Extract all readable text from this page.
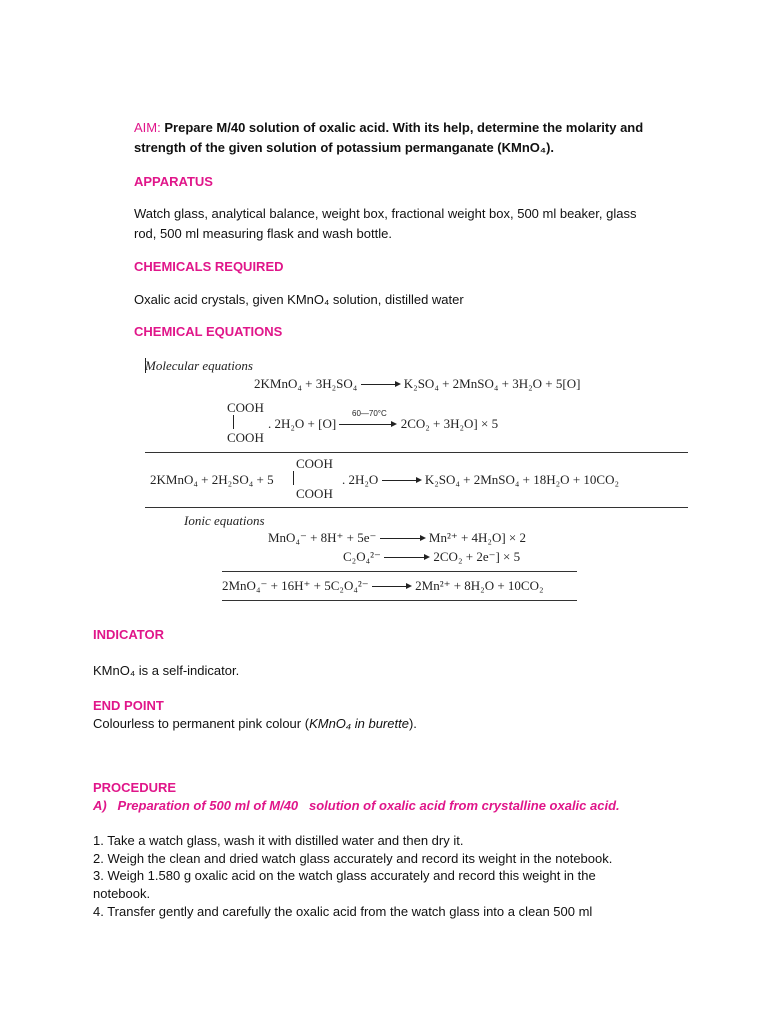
AIM: Prepare M/40 solution of oxalic acid. With its help, determine the molarity and
strength of the given solution of potassium permanganate (KMnO₄).
APPARATUS
Watch glass, analytical balance, weight box, fractional weight box, 500 ml beaker, glass
rod, 500 ml measuring flask and wash bottle.
CHEMICALS REQUIRED
Oxalic acid crystals, given KMnO₄ solution, distilled water
CHEMICAL EQUATIONS
Molecular equations
2KMnO₄ + 3H₂SO₄	K₂SO₄ + 2MnSO₄ + 3H₂O + 5[O]
COOH
COOH
60—70°C
. 2H₂O + [O]	2CO₂ + 3H₂O] × 5
COOH
COOH
2KMnO₄ + 2H₂SO₄ + 5	. 2H₂O	K₂SO₄ + 2MnSO₄ + 18H₂O + 10CO₂
Ionic equations
MnO₄⁻ + 8H⁺ + 5e⁻	Mn²⁺ + 4H₂O] × 2
C₂O₄²⁻	2CO₂ + 2e⁻] × 5
2MnO₄⁻ + 16H⁺ + 5C₂O₄²⁻	2Mn²⁺ + 8H₂O + 10CO₂
INDICATOR
KMnO₄ is a self-indicator.
END POINT
Colourless to permanent pink colour (KMnO₄ in burette).
PROCEDURE
A)   Preparation of 500 ml of M/40   solution of oxalic acid from crystalline oxalic acid.
1. Take a watch glass, wash it with distilled water and then dry it.
2. Weigh the clean and dried watch glass accurately and record its weight in the notebook.
3. Weigh 1.580 g oxalic acid on the watch glass accurately and record this weight in the
notebook.
4. Transfer gently and carefully the oxalic acid from the watch glass into a clean 500 ml
